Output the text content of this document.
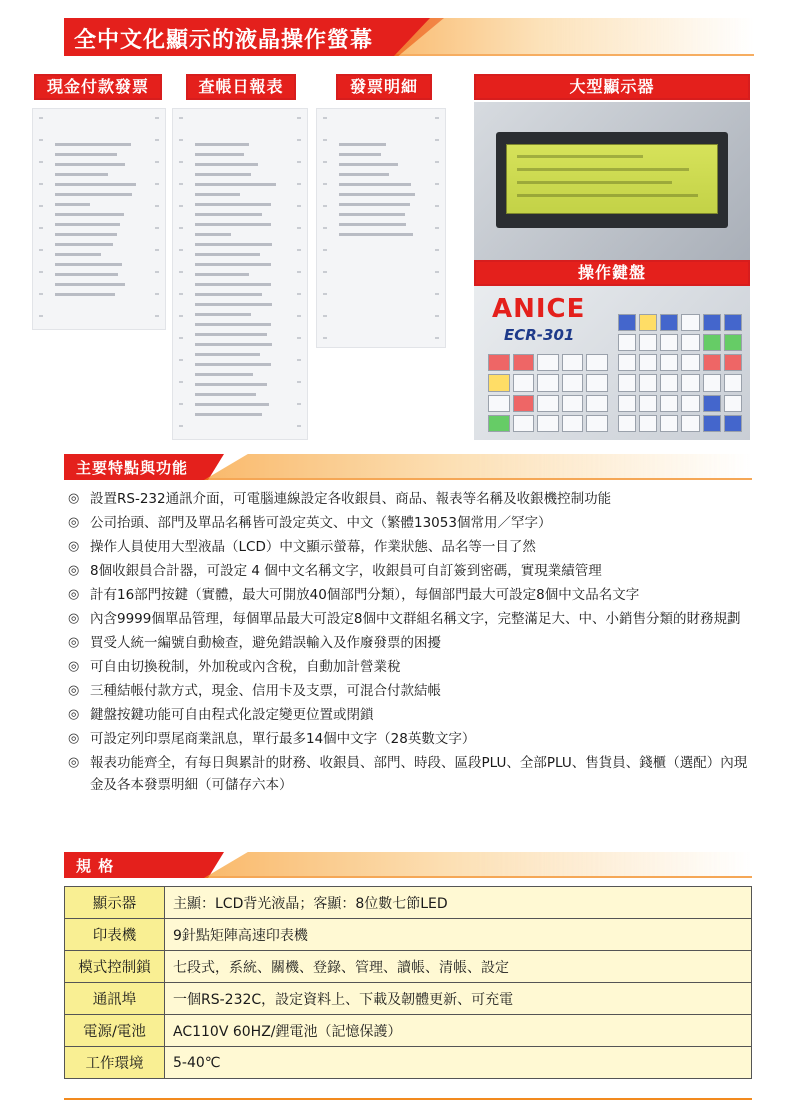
全中文化顯示的液晶操作螢幕
現金付款發票	查帳日報表	發票明細	大型顯示器
操作鍵盤
ANICE
ECR-301
主要特點與功能
◎ 設置RS-232通訊介面，可電腦連線設定各收銀員、商品、報表等名稱及收銀機控制功能
◎ 公司抬頭、部門及單品名稱皆可設定英文、中文（繁體13053個常用／罕字）
◎ 操作人員使用大型液晶（LCD）中文顯示螢幕，作業狀態、品名等一目了然
◎ 8個收銀員合計器，可設定 4 個中文名稱文字，收銀員可自訂簽到密碼，實現業績管理
◎ 計有16部門按鍵（實體，最大可開放40個部門分類），每個部門最大可設定8個中文品名文字
◎ 內含9999個單品管理，每個單品最大可設定8個中文群組名稱文字，完整滿足大、中、小銷售分類的財務規劃
◎ 買受人統一編號自動檢查，避免錯誤輸入及作廢發票的困擾
◎ 可自由切換稅制，外加稅或內含稅，自動加計營業稅
◎ 三種結帳付款方式，現金、信用卡及支票，可混合付款結帳
◎ 鍵盤按鍵功能可自由程式化設定變更位置或閉鎖
◎ 可設定列印票尾商業訊息，單行最多14個中文字（28英數文字）
◎ 報表功能齊全，有每日與累計的財務、收銀員、部門、時段、區段PLU、全部PLU、售貨員、錢櫃（選配）內現金及各本發票明細（可儲存六本）
規 格
顯示器	主顯：LCD背光液晶；客顯：8位數七節LED
印表機	9針點矩陣高速印表機
模式控制鎖	七段式，系統、關機、登錄、管理、讀帳、清帳、設定
通訊埠	一個RS-232C，設定資料上、下載及韌體更新、可充電
電源/電池	AC110V 60HZ/鋰電池（記憶保護）
工作環境	5-40℃
